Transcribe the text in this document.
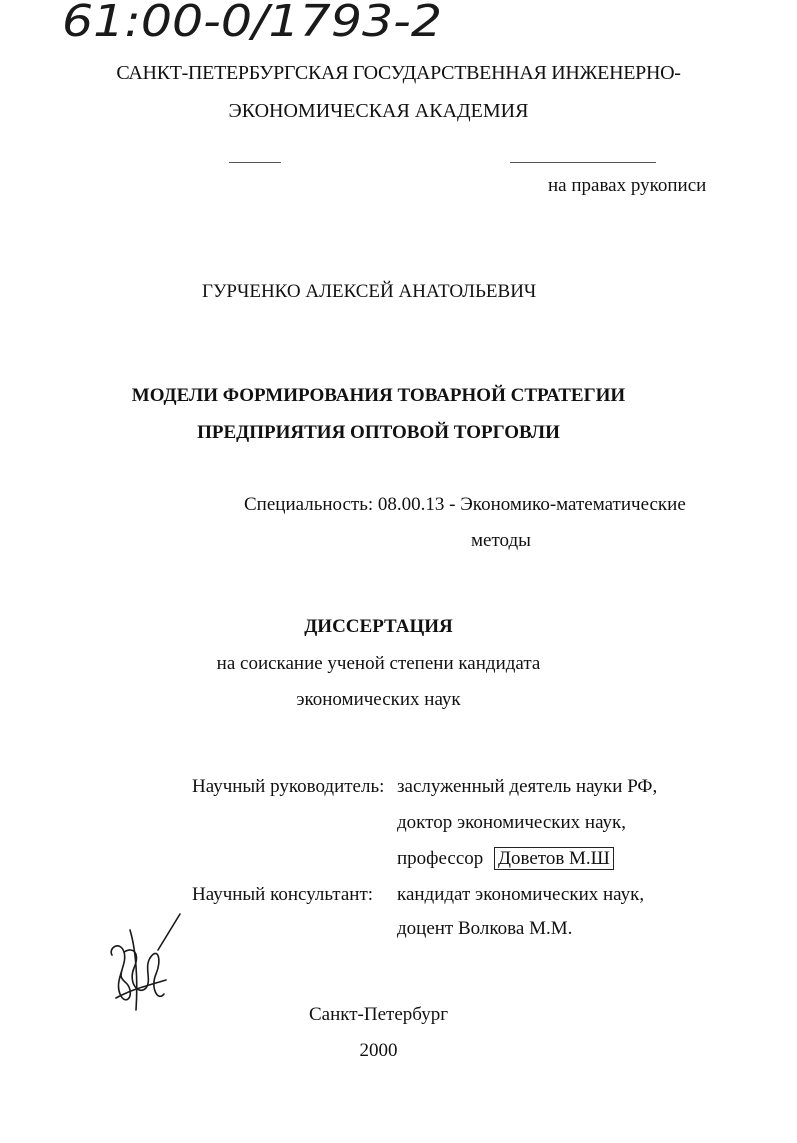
61:00-0/1793-2
САНКТ-ПЕТЕРБУРГСКАЯ ГОСУДАРСТВЕННАЯ ИНЖЕНЕРНО-
ЭКОНОМИЧЕСКАЯ АКАДЕМИЯ
на правах рукописи
ГУРЧЕНКО АЛЕКСЕЙ АНАТОЛЬЕВИЧ
МОДЕЛИ ФОРМИРОВАНИЯ ТОВАРНОЙ СТРАТЕГИИ
ПРЕДПРИЯТИЯ ОПТОВОЙ ТОРГОВЛИ
Специальность: 08.00.13 - Экономико-математические
методы
ДИССЕРТАЦИЯ
на соискание ученой степени кандидата
экономических наук
Научный руководитель: заслуженный деятель науки РФ,
доктор экономических наук,
профессор Доветов М.Ш
Научный консультант: кандидат экономических наук,
доцент Волкова М.М.
Санкт-Петербург
2000
